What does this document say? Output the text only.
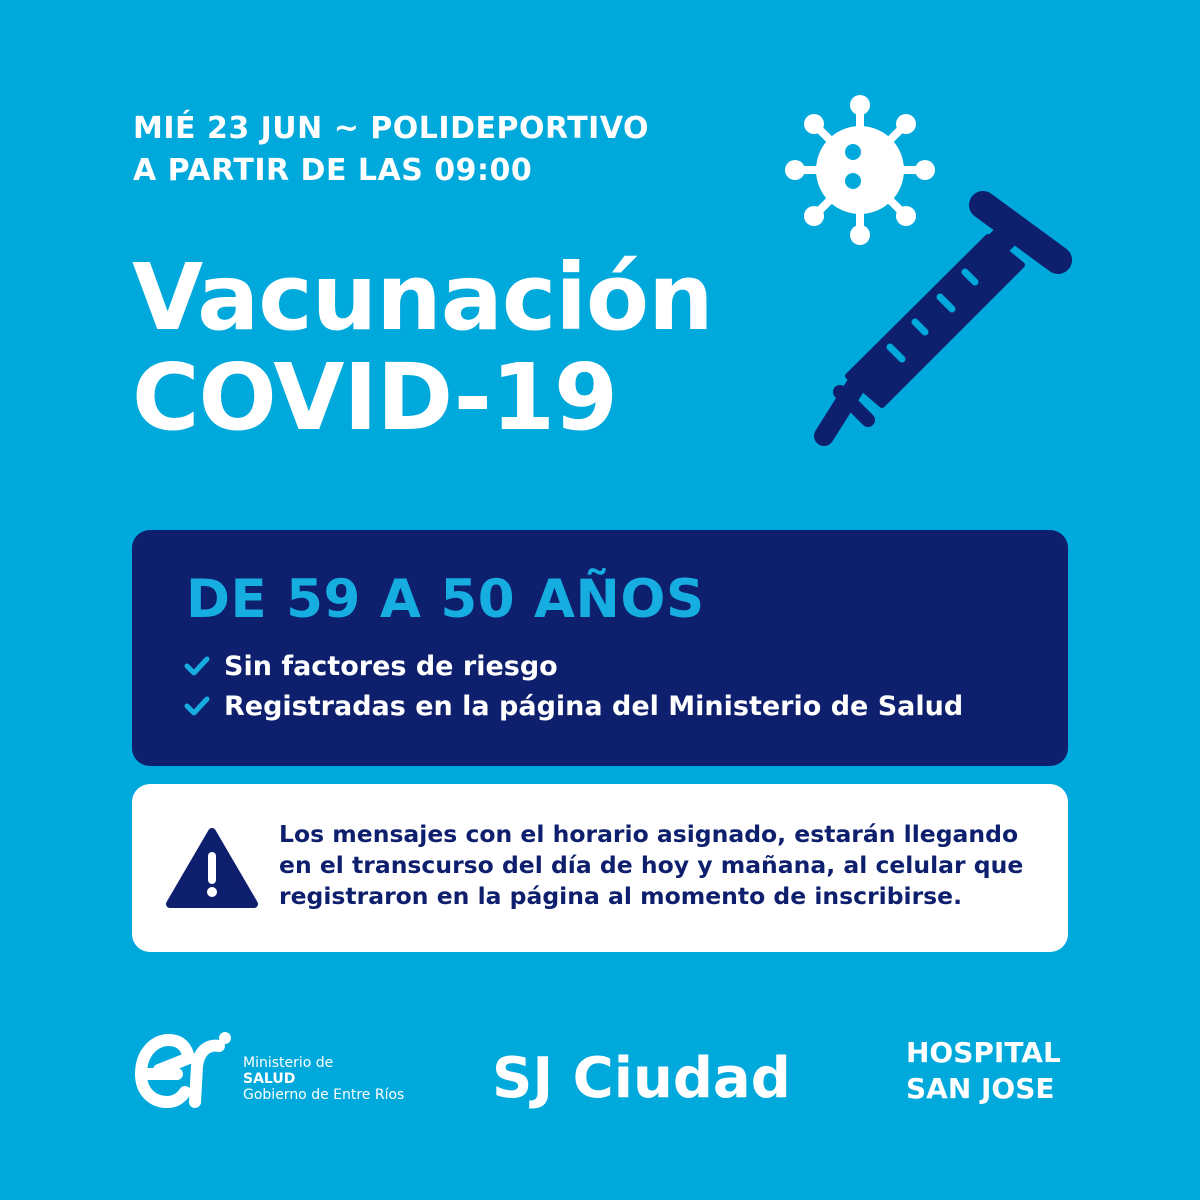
MIÉ 23 JUN ~ POLIDEPORTIVO
A PARTIR DE LAS 09:00
Vacunación
COVID-19
DE 59 A 50 AÑOS
Sin factores de riesgo
Registradas en la página del Ministerio de Salud
Los mensajes con el horario asignado, estarán llegando
en el transcurso del día de hoy y mañana, al celular que
registraron en la página al momento de inscribirse.
Ministerio de
SALUD
Gobierno de Entre Ríos SJ Ciudad	HOSPITAL
SAN JOSE
